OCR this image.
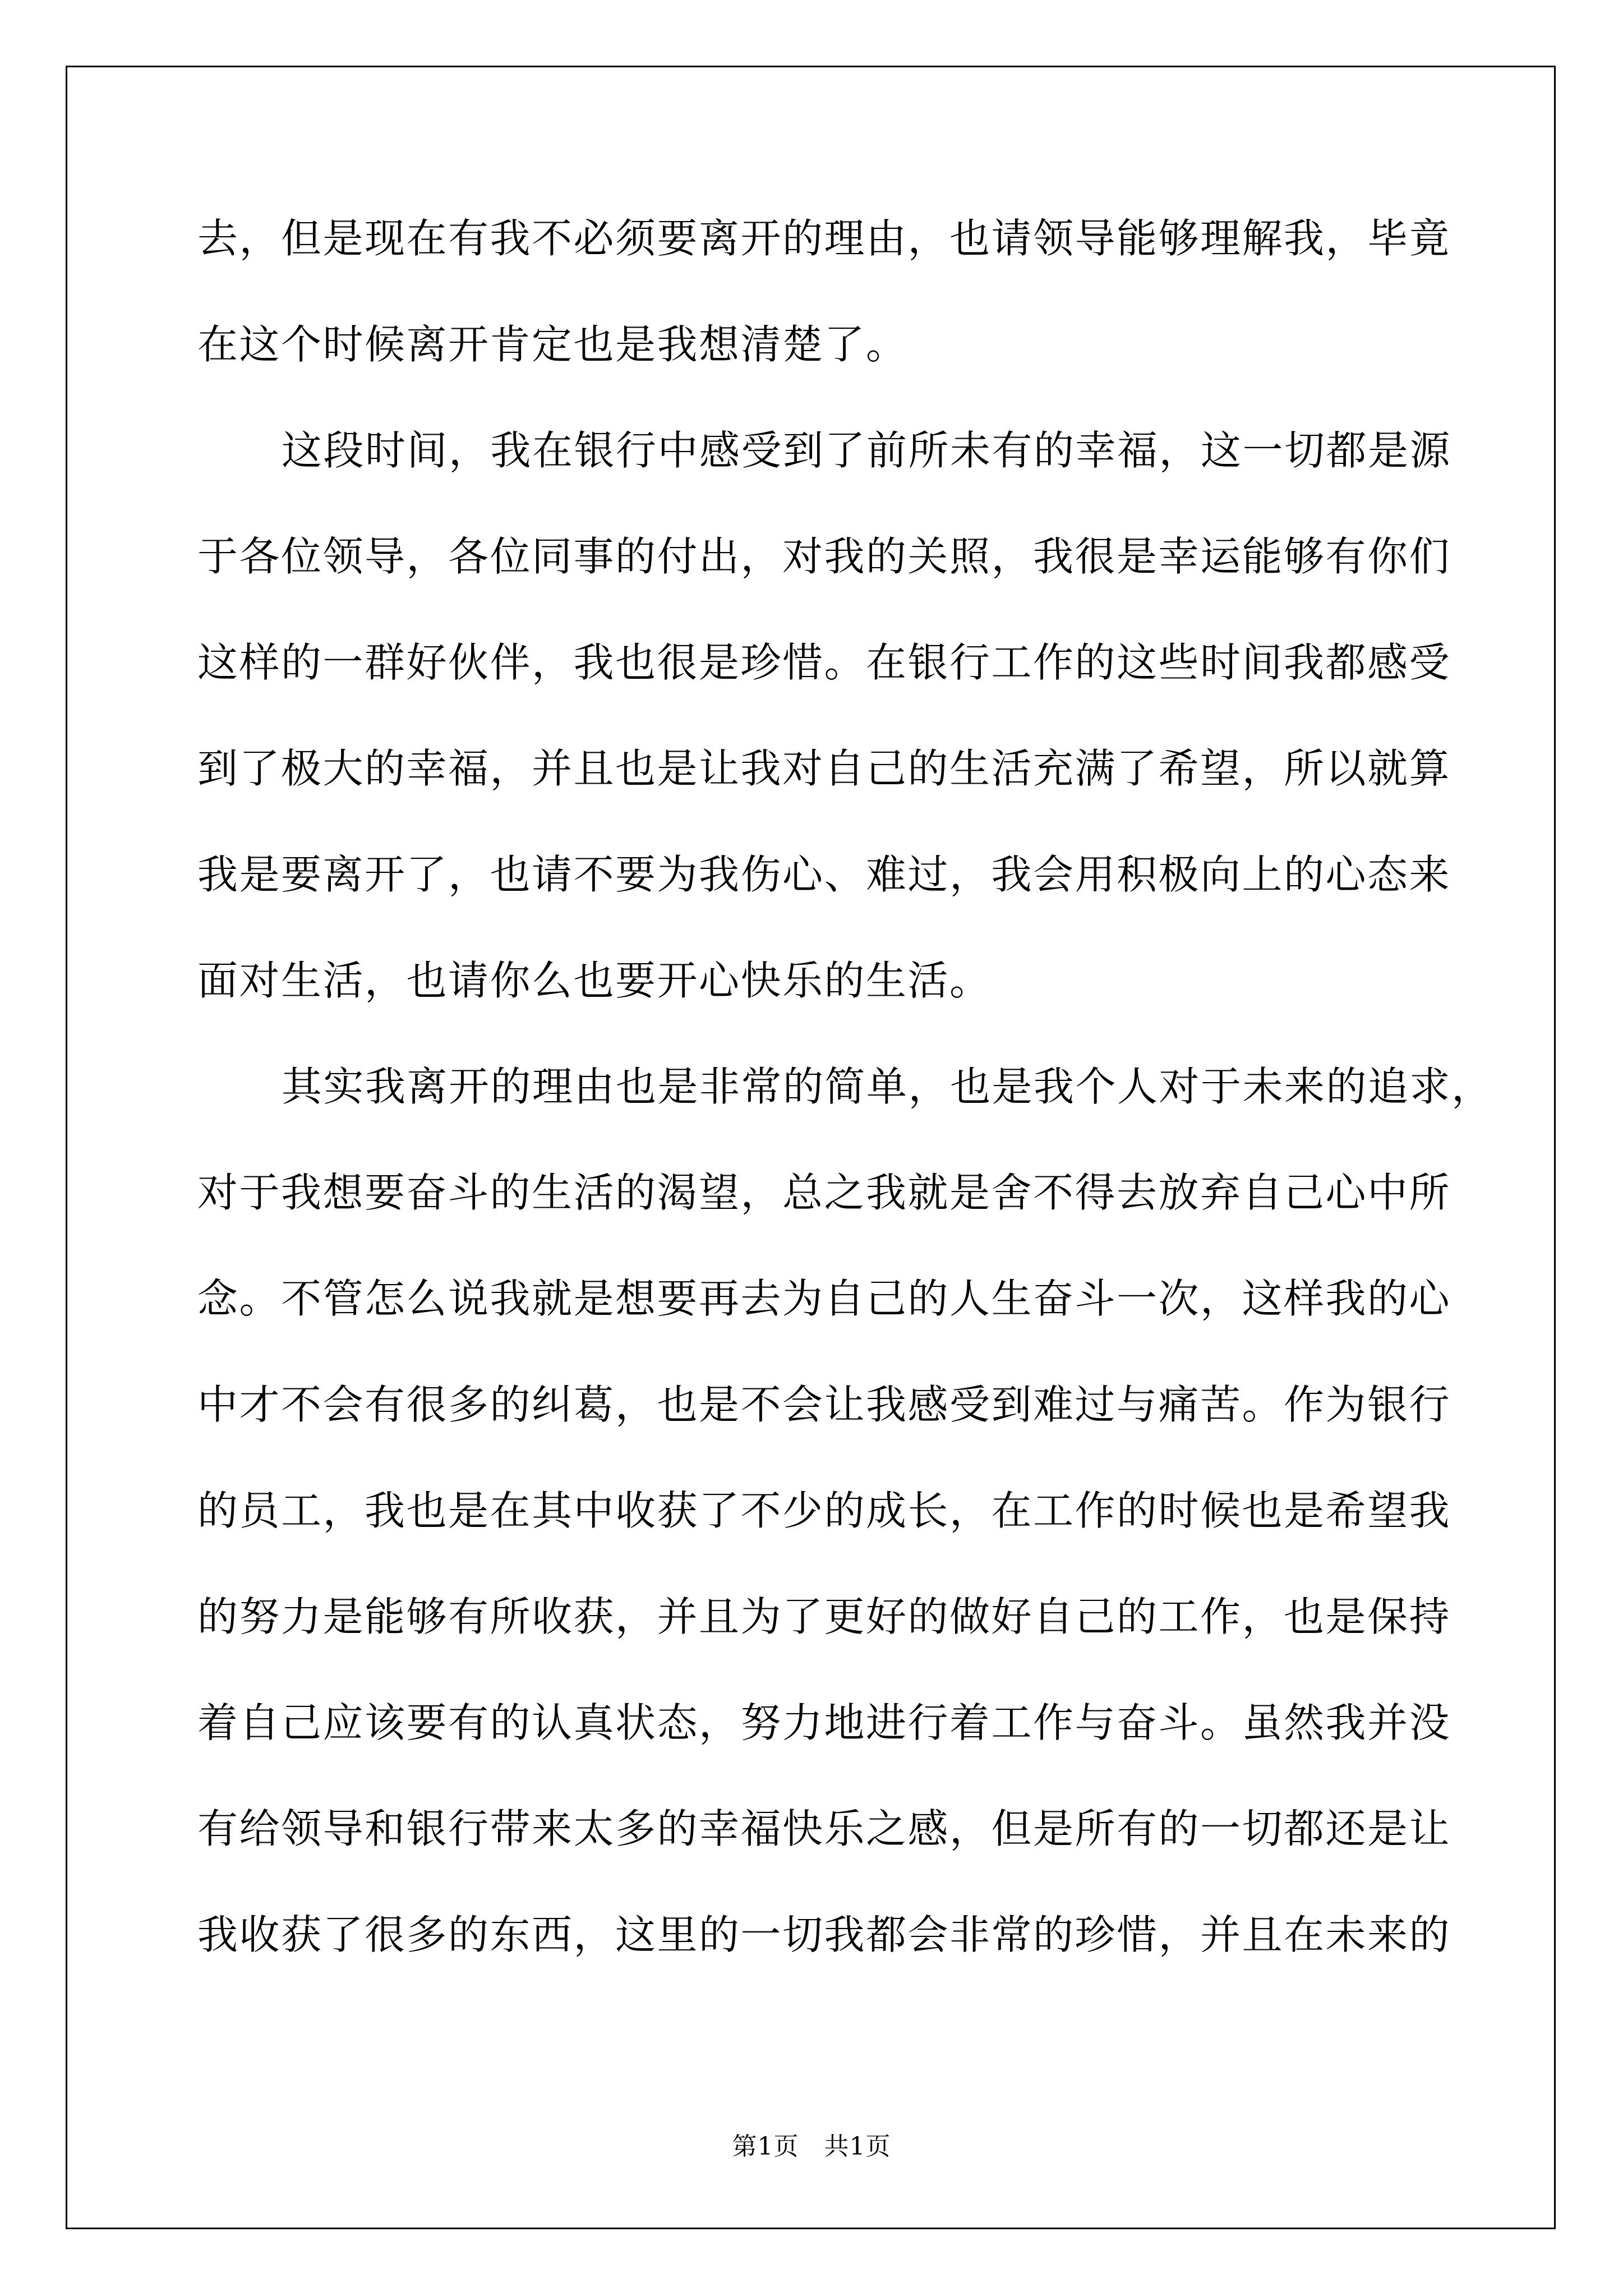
去，但是现在有我不必须要离开的理由，也请领导能够理解我，毕竟
在这个时候离开肯定也是我想清楚了。
这段时间，我在银行中感受到了前所未有的幸福，这一切都是源
于各位领导，各位同事的付出，对我的关照，我很是幸运能够有你们
这样的一群好伙伴，我也很是珍惜。在银行工作的这些时间我都感受
到了极大的幸福，并且也是让我对自己的生活充满了希望，所以就算
我是要离开了，也请不要为我伤心、难过，我会用积极向上的心态来
面对生活，也请你么也要开心快乐的生活。
其实我离开的理由也是非常的简单，也是我个人对于未来的追求，
对于我想要奋斗的生活的渴望，总之我就是舍不得去放弃自己心中所
念。不管怎么说我就是想要再去为自己的人生奋斗一次，这样我的心
中才不会有很多的纠葛，也是不会让我感受到难过与痛苦。作为银行
的员工，我也是在其中收获了不少的成长，在工作的时候也是希望我
的努力是能够有所收获，并且为了更好的做好自己的工作，也是保持
着自己应该要有的认真状态，努力地进行着工作与奋斗。虽然我并没
有给领导和银行带来太多的幸福快乐之感，但是所有的一切都还是让
我收获了很多的东西，这里的一切我都会非常的珍惜，并且在未来的
第1页　共1页
